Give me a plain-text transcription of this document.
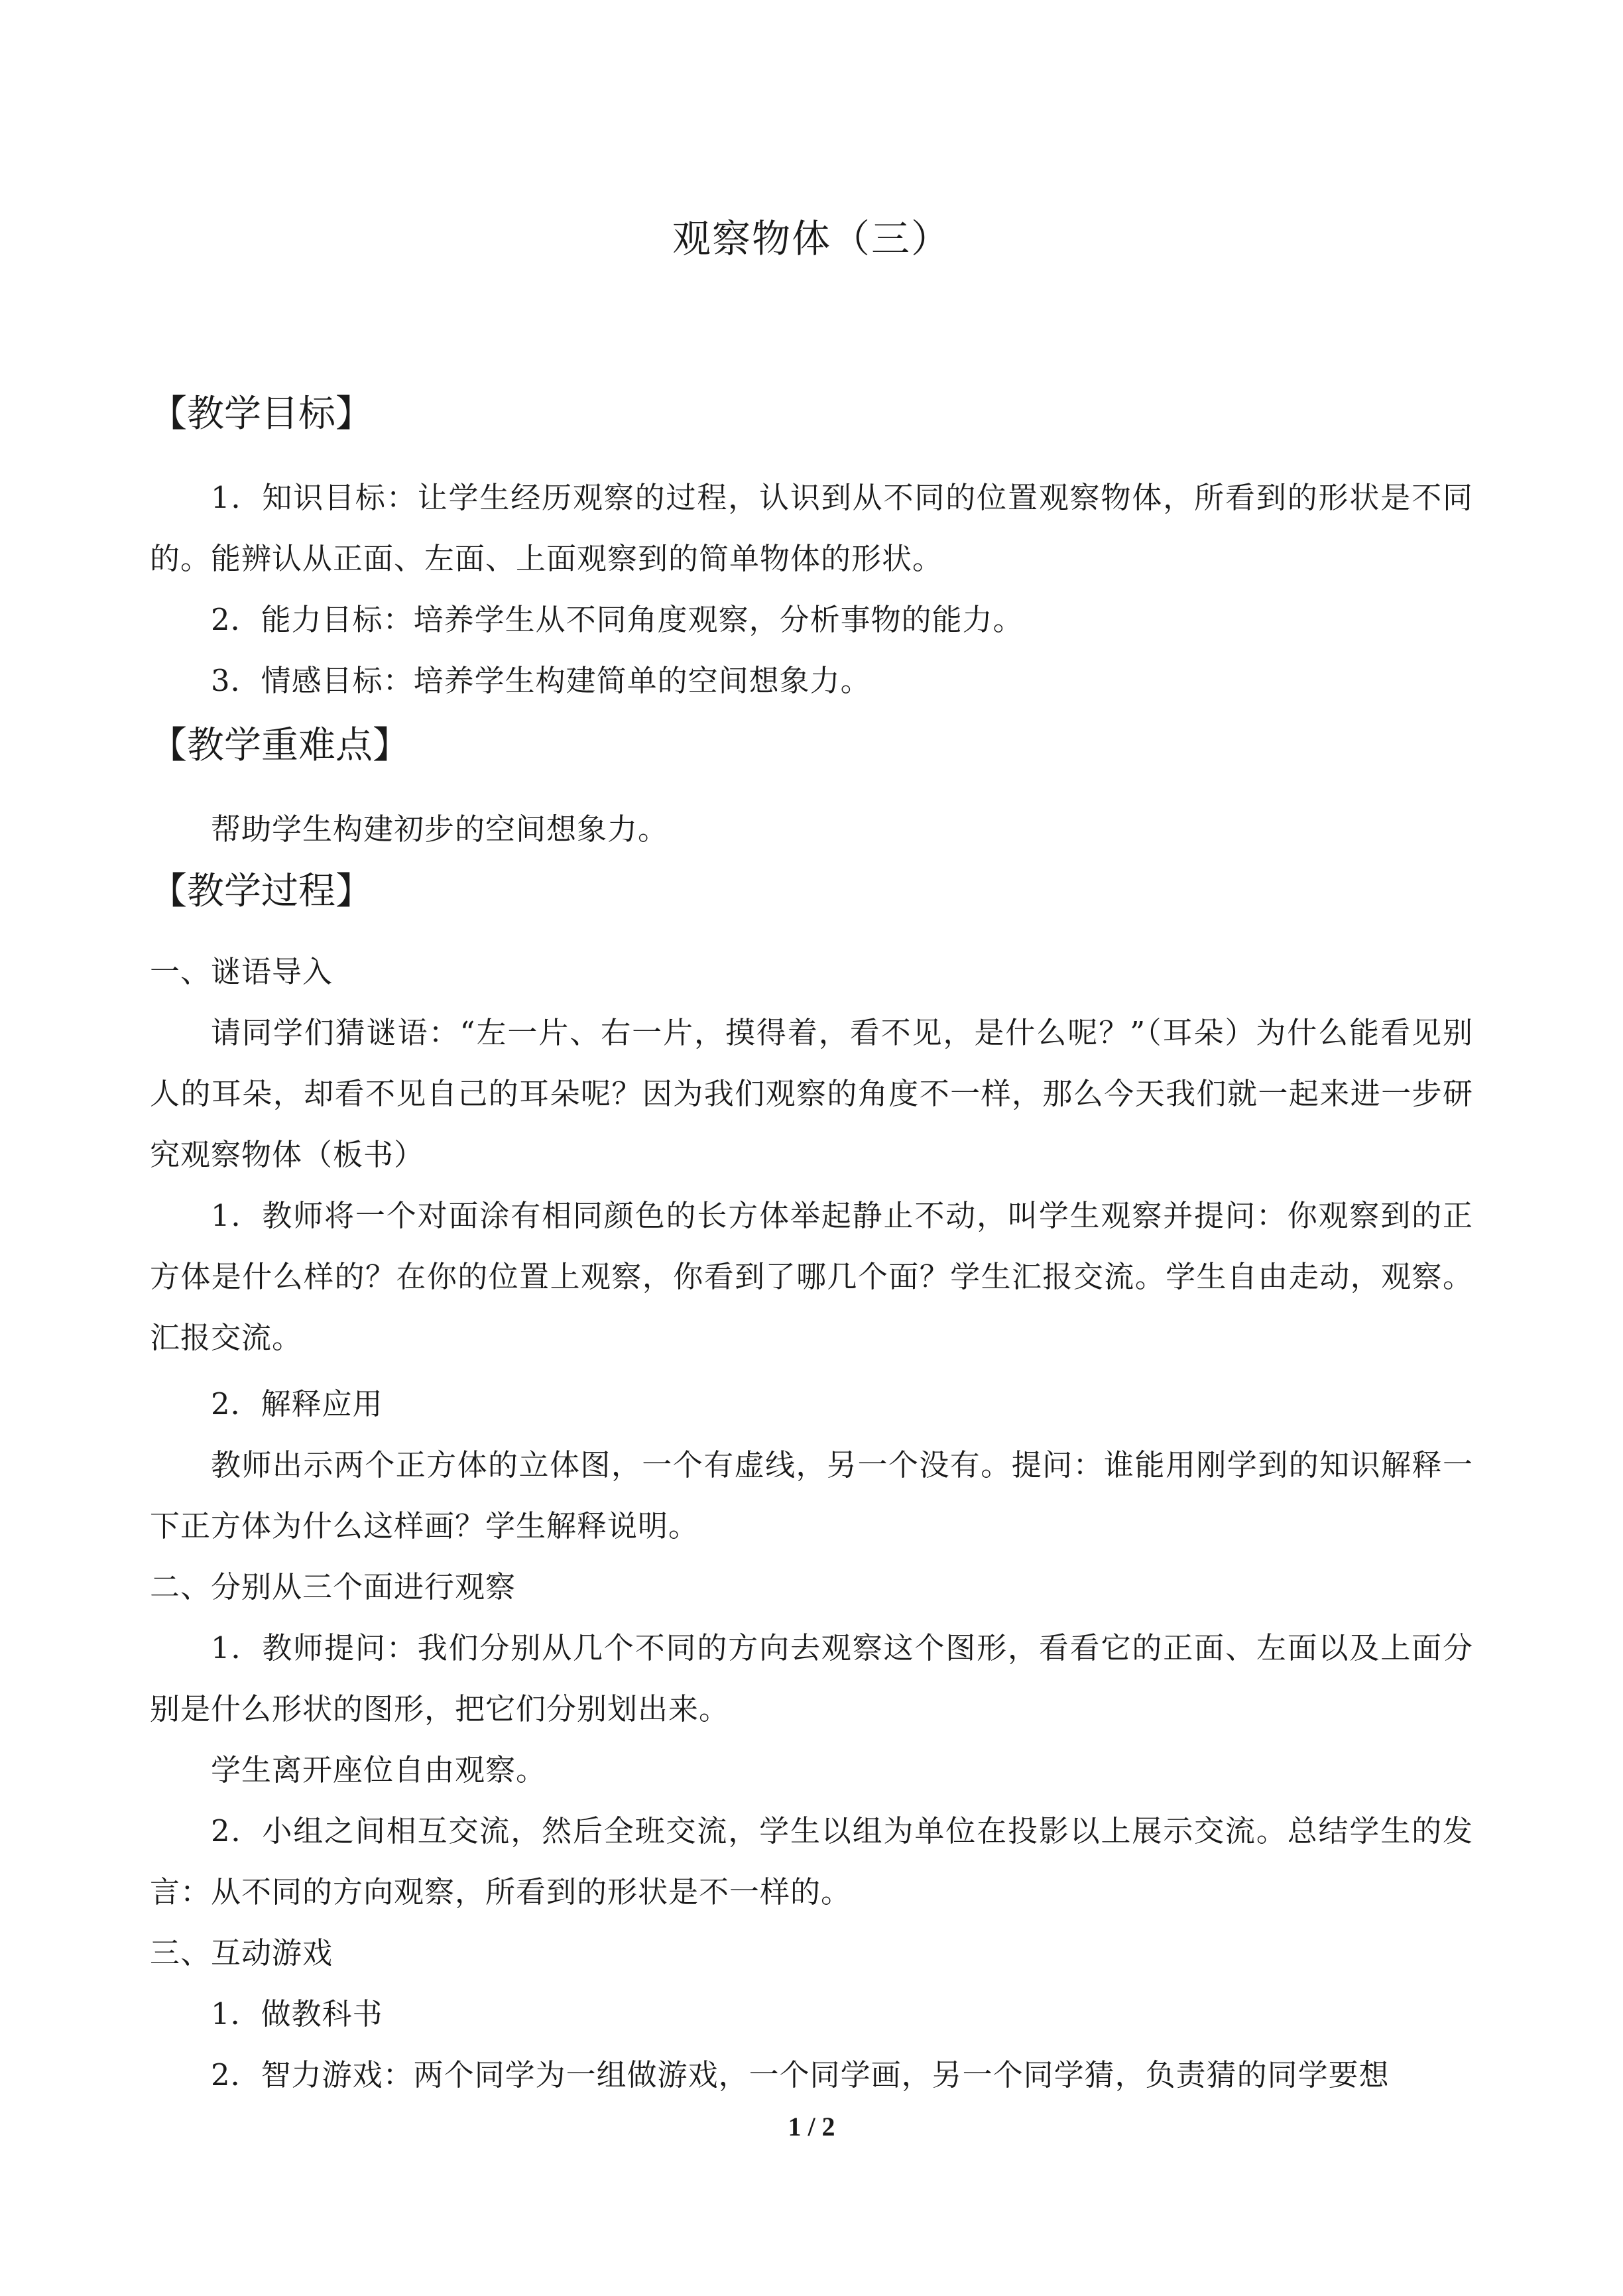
观察物体（三）
【教学目标】
1．知识目标：让学生经历观察的过程，认识到从不同的位置观察物体，所看到的形状是不同的。能辨认从正面、左面、上面观察到的简单物体的形状。
2．能力目标：培养学生从不同角度观察，分析事物的能力。
3．情感目标：培养学生构建简单的空间想象力。
【教学重难点】
帮助学生构建初步的空间想象力。
【教学过程】
一、谜语导入
请同学们猜谜语：“左一片、右一片，摸得着，看不见，是什么呢？”（耳朵）为什么能看见别人的耳朵，却看不见自己的耳朵呢？因为我们观察的角度不一样，那么今天我们就一起来进一步研究观察物体（板书）
1．教师将一个对面涂有相同颜色的长方体举起静止不动，叫学生观察并提问：你观察到的正方体是什么样的？在你的位置上观察，你看到了哪几个面？学生汇报交流。学生自由走动，观察。汇报交流。
2．解释应用
教师出示两个正方体的立体图，一个有虚线，另一个没有。提问：谁能用刚学到的知识解释一下正方体为什么这样画？学生解释说明。
二、分别从三个面进行观察
1．教师提问：我们分别从几个不同的方向去观察这个图形，看看它的正面、左面以及上面分别是什么形状的图形，把它们分别划出来。
学生离开座位自由观察。
2．小组之间相互交流，然后全班交流，学生以组为单位在投影以上展示交流。总结学生的发言：从不同的方向观察，所看到的形状是不一样的。
三、互动游戏
1．做教科书
2．智力游戏：两个同学为一组做游戏，一个同学画，另一个同学猜，负责猜的同学要想
1 / 2
